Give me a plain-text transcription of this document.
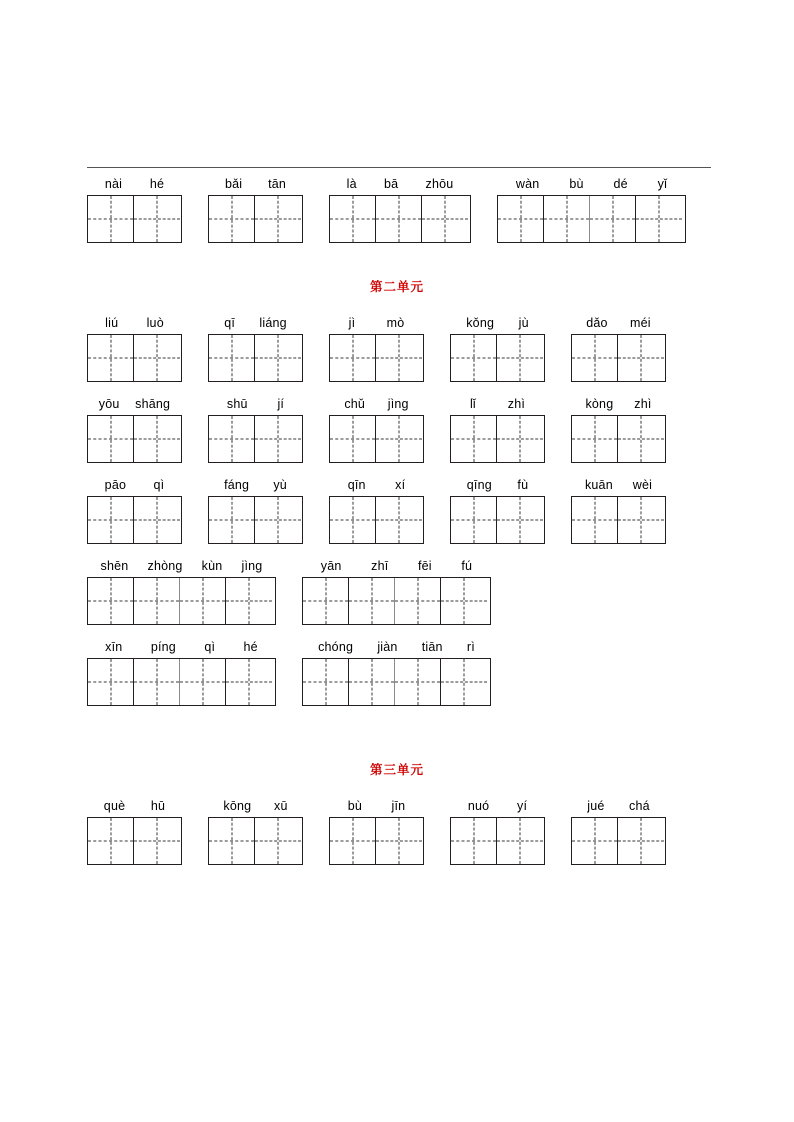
nài	hé	bǎi	tān	là	bā	zhōu	wàn	bù	dé	yǐ
第二单元
liú	luò	qī	liáng	jì	mò	kǒng	jù	dǎo	méi
yōu	shāng	shū	jí	chǔ	jìng	lǐ	zhì	kòng	zhì
pāo	qì	fáng	yù	qīn	xí	qīng	fù	kuān	wèi
shēn	zhòng	kùn	jìng	yān	zhī	fēi	fú
xīn	píng	qì	hé	chóng	jiàn	tiān	rì
第三单元
què	hū	kōng	xū	bù	jīn	nuó	yí	jué	chá
